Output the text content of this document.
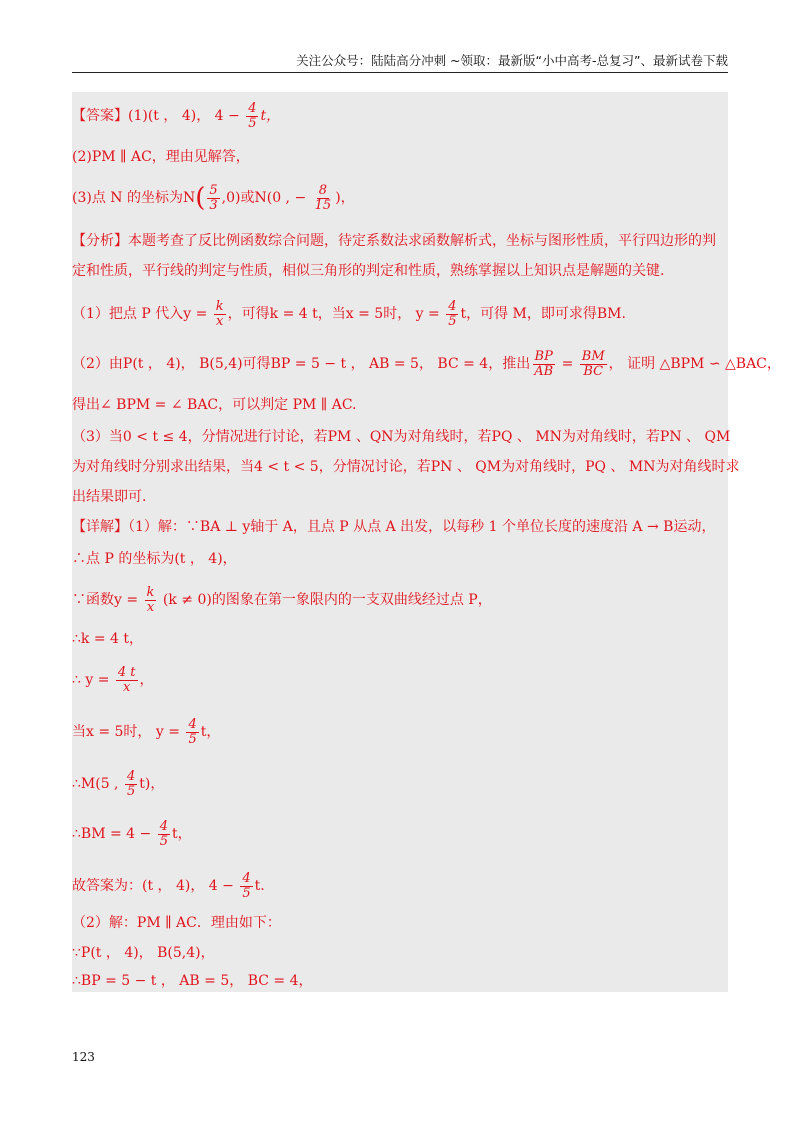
关注公众号：陆陆高分冲刺 ~领取：最新版“小中高考-总复习”、最新试卷下载
【答案】(1)(t ， 4)， $4 - \frac{4}{5}$ t，
(2)PM ∥ AC，理由见解答，
(3)点 N 的坐标为$N( \frac{5}{3} ,0)$或N(0 , − $\frac{8}{15}$ )，
【分析】本题考查了反比例函数综合问题，待定系数法求函数解析式，坐标与图形性质，平行四边形的判
定和性质，平行线的判定与性质，相似三角形的判定和性质，熟练掌握以上知识点是解题的关键.
（1）把点 P 代入$y = \frac{k}{x}$ ，可得k = 4 t，当x = 5时， $y = \frac{4}{5}$ t，可得 M，即可求得BM.
（2）由P(t ， 4)， B(5,4)可得BP = 5 − t ， AB = 5， BC = 4，推出 $\frac{BP}{AB} = \frac{BM}{BC}$ ， 证明 △BPM ∽ △BAC，
得出∠ BPM = ∠ BAC，可以判定 PM ∥ AC.
（3）当0 < t ≤ 4，分情况进行讨论，若PM 、QN为对角线时，若PQ 、 MN为对角线时，若PN 、 QM
为对角线时分别求出结果，当4 < t < 5，分情况讨论，若PN 、 QM为对角线时，PQ 、 MN为对角线时求
出结果即可.
【详解】（1）解：∵BA ⊥ y轴于 A，且点 P 从点 A 出发，以每秒 1 个单位长度的速度沿 A → B运动，
∴点 P 的坐标为(t ， 4)，
∵函数$y = \frac{k}{x} (k \ne 0)$的图象在第一象限内的一支双曲线经过点 P，
∴k = 4 t，
∴ $y = \frac{4 t}{x}$ ，
当x = 5时， $y = \frac{4}{5}$ t，
∴M(5 , $\frac{4}{5} t$)，
∴BM = $4 - \frac{4}{5}$ t，
故答案为：(t ， 4)， $4 - \frac{4}{5} t$.
（2）解：PM ∥ AC．理由如下：
∵P(t ， 4)， B(5,4)，
∴BP = 5 − t ， AB = 5， BC = 4，
123
